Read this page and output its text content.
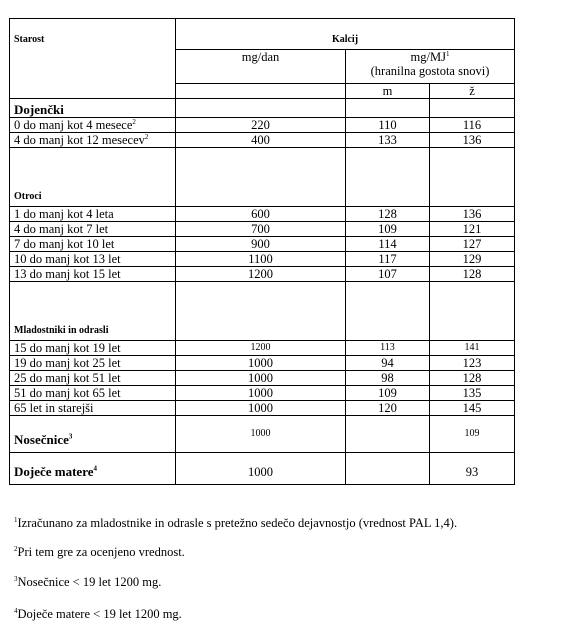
Starost	Kalcij		
	mg/dan	$mg/MJ^1$
(hranilna gostota snovi)	
		m	ž
Dojenčki			
0 do manj kot 4 mesece$^2$	220	110	116
4 do manj kot 12 mesecev$^2$	400	133	136
Otroci			
1 do manj kot 4 leta	600	128	136
4 do manj kot 7 let	700	109	121
7 do manj kot 10 let	900	114	127
10 do manj kot 13 let	1100	117	129
13 do manj kot 15 let	1200	107	128
Mladostniki in odrasli			
15 do manj kot 19 let	1200	113	141
19 do manj kot 25 let	1000	94	123
25 do manj kot 51 let	1000	98	128
51 do manj kot 65 let	1000	109	135
65 let in starejši	1000	120	145
Nosečnice$^3$	1000		109
Doječe matere$^4$	1000		93
$^1$Izračunano za mladostnike in odrasle s pretežno sedečo dejavnostjo (vrednost PAL 1,4).
$^2$Pri tem gre za ocenjeno vrednost.
$^3$Nosečnice < 19 let 1200 mg.
$^4$Doječe matere < 19 let 1200 mg.
